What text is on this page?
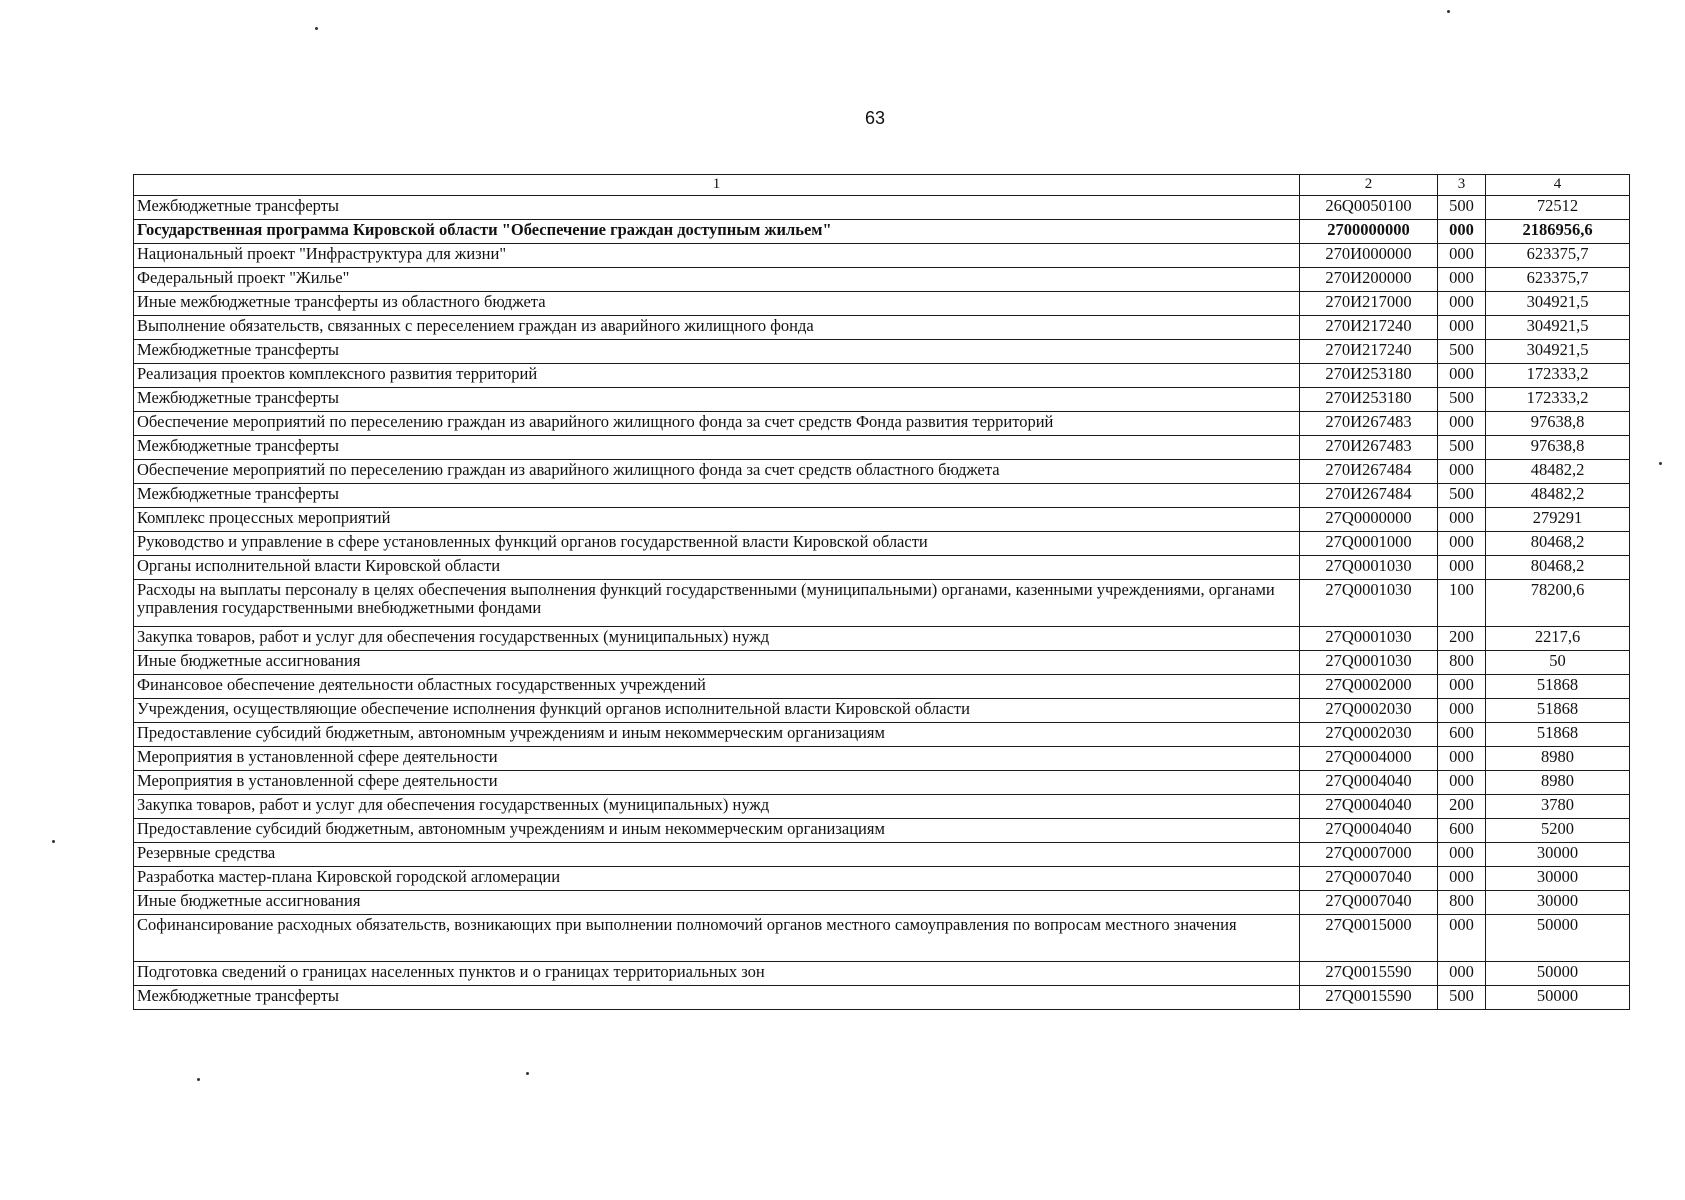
63
1	2	3	4
Межбюджетные трансферты	26Q0050100	500	72512
Государственная программа Кировской области "Обеспечение граждан доступным жильем"	2700000000	000	2186956,6
Национальный проект "Инфраструктура для жизни"	270И000000	000	623375,7
Федеральный проект "Жилье"	270И200000	000	623375,7
Иные межбюджетные трансферты из областного бюджета	270И217000	000	304921,5
Выполнение обязательств, связанных с переселением граждан из аварийного жилищного фонда	270И217240	000	304921,5
Межбюджетные трансферты	270И217240	500	304921,5
Реализация проектов комплексного развития территорий	270И253180	000	172333,2
Межбюджетные трансферты	270И253180	500	172333,2
Обеспечение мероприятий по переселению граждан из аварийного жилищного фонда за счет средств Фонда развития территорий	270И267483	000	97638,8
Межбюджетные трансферты	270И267483	500	97638,8
Обеспечение мероприятий по переселению граждан из аварийного жилищного фонда за счет средств областного бюджета	270И267484	000	48482,2
Межбюджетные трансферты	270И267484	500	48482,2
Комплекс процессных мероприятий	27Q0000000	000	279291
Руководство и управление в сфере установленных функций органов государственной власти Кировской области	27Q0001000	000	80468,2
Органы исполнительной власти Кировской области	27Q0001030	000	80468,2
Расходы на выплаты персоналу в целях обеспечения выполнения функций государственными (муниципальными) органами, казенными учреждениями, органами управления государственными внебюджетными фондами	27Q0001030	100	78200,6
Закупка товаров, работ и услуг для обеспечения государственных (муниципальных) нужд	27Q0001030	200	2217,6
Иные бюджетные ассигнования	27Q0001030	800	50
Финансовое обеспечение деятельности областных государственных учреждений	27Q0002000	000	51868
Учреждения, осуществляющие обеспечение исполнения функций органов исполнительной власти Кировской области	27Q0002030	000	51868
Предоставление субсидий бюджетным, автономным учреждениям и иным некоммерческим организациям	27Q0002030	600	51868
Мероприятия в установленной сфере деятельности	27Q0004000	000	8980
Мероприятия в установленной сфере деятельности	27Q0004040	000	8980
Закупка товаров, работ и услуг для обеспечения государственных (муниципальных) нужд	27Q0004040	200	3780
Предоставление субсидий бюджетным, автономным учреждениям и иным некоммерческим организациям	27Q0004040	600	5200
Резервные средства	27Q0007000	000	30000
Разработка мастер-плана Кировской городской агломерации	27Q0007040	000	30000
Иные бюджетные ассигнования	27Q0007040	800	30000
Софинансирование расходных обязательств, возникающих при выполнении полномочий органов местного самоуправления по вопросам местного значения	27Q0015000	000	50000
Подготовка сведений о границах населенных пунктов и о границах территориальных зон	27Q0015590	000	50000
Межбюджетные трансферты	27Q0015590	500	50000
